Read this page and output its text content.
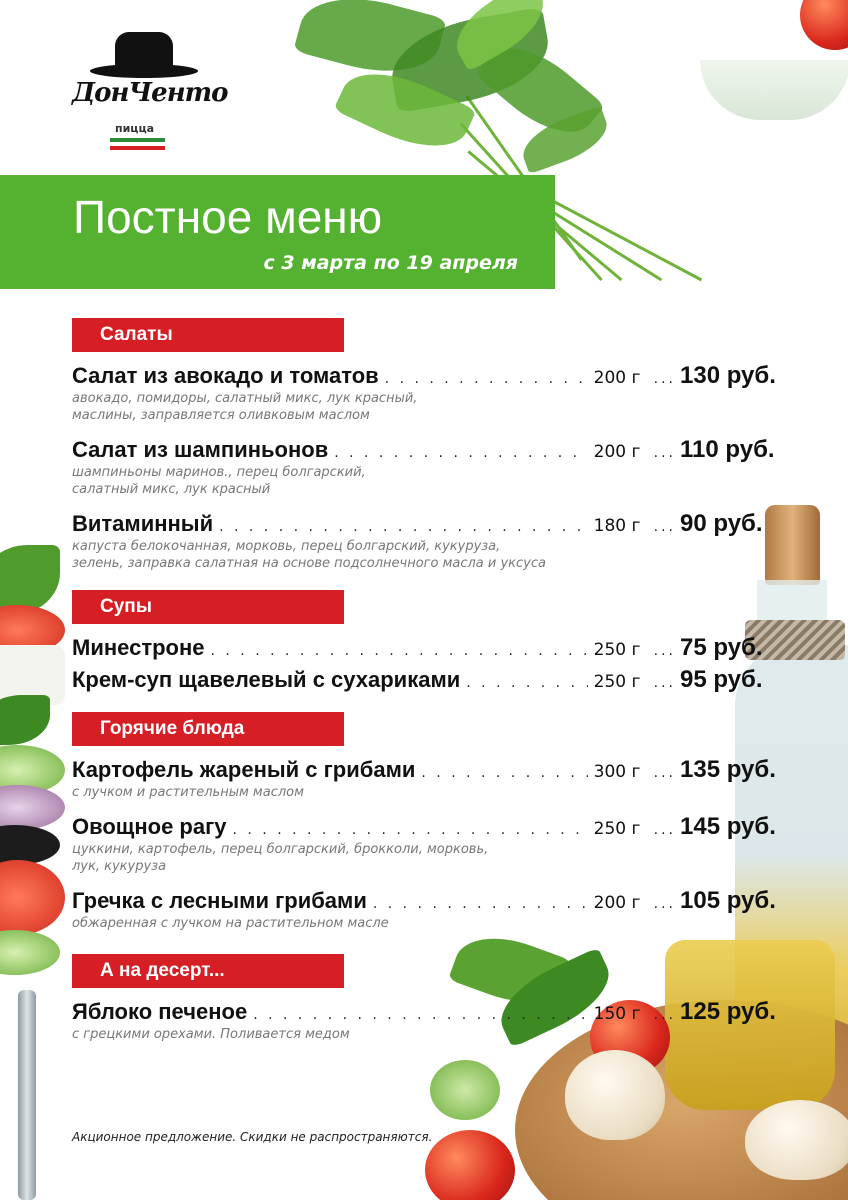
ДонЧенто
пицца
Постное меню
с 3 марта по 19 апреля
Салаты
Салат из авокадо и томатов . . .	200 г ... 130 руб.
авокадо, помидоры, салатный микс, лук красный,
маслины, заправляется оливковым маслом
Салат из шампиньонов . . .	200 г ... 110 руб.
шампиньоны маринов., перец болгарский,
салатный микс, лук красный
Витаминный . . .	180 г ... 90 руб.
капуста белокочанная, морковь, перец болгарский, кукуруза,
зелень, заправка салатная на основе подсолнечного масла и уксуса
Супы
Минестроне . . .	250 г ... 75 руб.
Крем-суп щавелевый с сухариками . . .	250 г ... 95 руб.
Горячие блюда
Картофель жареный с грибами . . .	300 г ... 135 руб.
с лучком и растительным маслом
Овощное рагу . . .	250 г ... 145 руб.
цуккини, картофель, перец болгарский, брокколи, морковь,
лук, кукуруза
Гречка с лесными грибами . . .	200 г ... 105 руб.
обжаренная с лучком на растительном масле
А на десерт...
Яблоко печеное . . .	150 г ... 125 руб.
с грецкими орехами. Поливается медом
Акционное предложение. Скидки не распространяются.
